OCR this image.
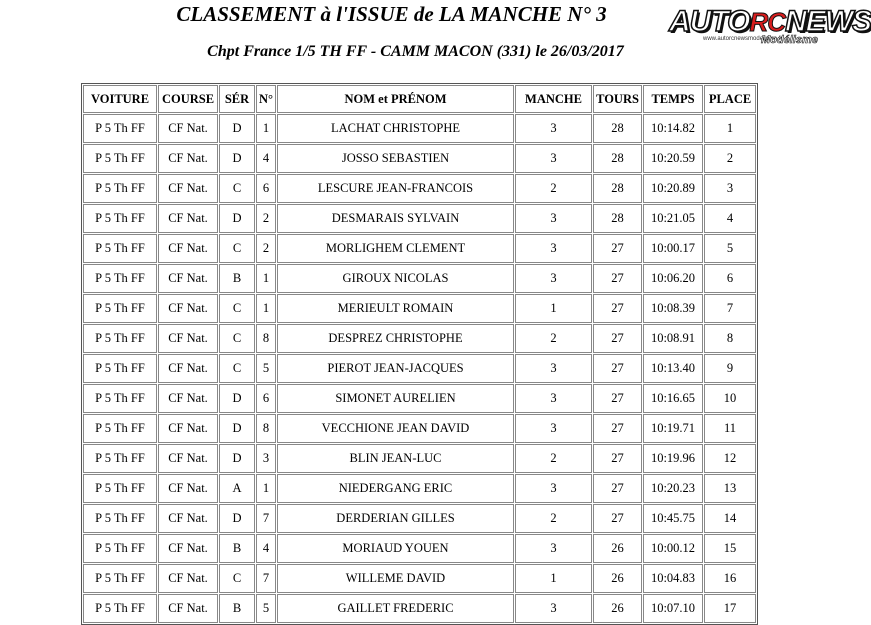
CLASSEMENT à l'ISSUE de LA MANCHE N° 3
Chpt France 1/5 TH FF - CAMM MACON (331) le 26/03/2017
AUTORCNEWS
www.autorcnewsmodelisme.fr
Modélisme
VOITURE	COURSE	SÉR	N°	NOM et PRÉNOM	MANCHE	TOURS	TEMPS	PLACE
P 5 Th FF	CF Nat.	D	1	LACHAT CHRISTOPHE	3	28	10:14.82	1
P 5 Th FF	CF Nat.	D	4	JOSSO SEBASTIEN	3	28	10:20.59	2
P 5 Th FF	CF Nat.	C	6	LESCURE JEAN-FRANCOIS	2	28	10:20.89	3
P 5 Th FF	CF Nat.	D	2	DESMARAIS SYLVAIN	3	28	10:21.05	4
P 5 Th FF	CF Nat.	C	2	MORLIGHEM CLEMENT	3	27	10:00.17	5
P 5 Th FF	CF Nat.	B	1	GIROUX NICOLAS	3	27	10:06.20	6
P 5 Th FF	CF Nat.	C	1	MERIEULT ROMAIN	1	27	10:08.39	7
P 5 Th FF	CF Nat.	C	8	DESPREZ CHRISTOPHE	2	27	10:08.91	8
P 5 Th FF	CF Nat.	C	5	PIEROT JEAN-JACQUES	3	27	10:13.40	9
P 5 Th FF	CF Nat.	D	6	SIMONET AURELIEN	3	27	10:16.65	10
P 5 Th FF	CF Nat.	D	8	VECCHIONE JEAN DAVID	3	27	10:19.71	11
P 5 Th FF	CF Nat.	D	3	BLIN JEAN-LUC	2	27	10:19.96	12
P 5 Th FF	CF Nat.	A	1	NIEDERGANG ERIC	3	27	10:20.23	13
P 5 Th FF	CF Nat.	D	7	DERDERIAN GILLES	2	27	10:45.75	14
P 5 Th FF	CF Nat.	B	4	MORIAUD YOUEN	3	26	10:00.12	15
P 5 Th FF	CF Nat.	C	7	WILLEME DAVID	1	26	10:04.83	16
P 5 Th FF	CF Nat.	B	5	GAILLET FREDERIC	3	26	10:07.10	17
